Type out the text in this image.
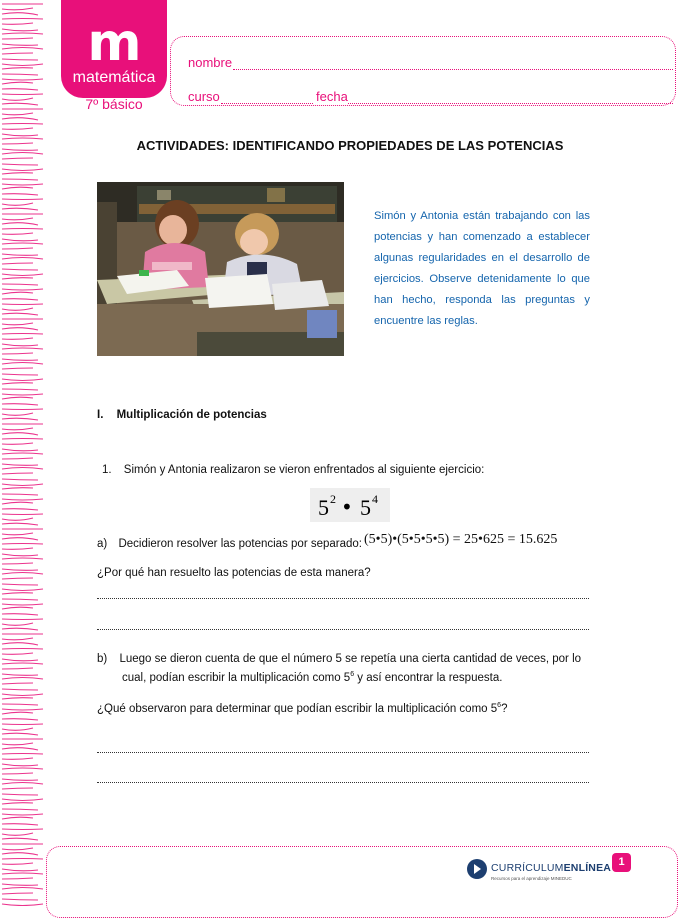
m
matemática
7º básico
nombre
curso	fecha
ACTIVIDADES: IDENTIFICANDO PROPIEDADES DE LAS POTENCIAS
Simón y Antonia están trabajando con las potencias y han comenzado a establecer algunas regularidades en el desarrollo de ejercicios. Observe detenidamente lo que han hecho, responda las preguntas y encuentre las reglas.
I. Multiplicación de potencias
1. Simón y Antonia realizaron se vieron enfrentados al siguiente ejercicio:
5 2 • 5 4
a) Decidieron resolver las potencias por separado: (5•5)•(5•5•5•5) = 25•625 = 15.625
¿Por qué han resuelto las potencias de esta manera?
b) Luego se dieron cuenta de que el número 5 se repetía una cierta cantidad de veces, por lo
cual, podían escribir la multiplicación como $5^6$ y así encontrar la respuesta.
¿Qué observaron para determinar que podían escribir la multiplicación como $5^6$?
CURRÍCULUMENLÍNEA
Recursos para el aprendizaje MINEDUC
1
